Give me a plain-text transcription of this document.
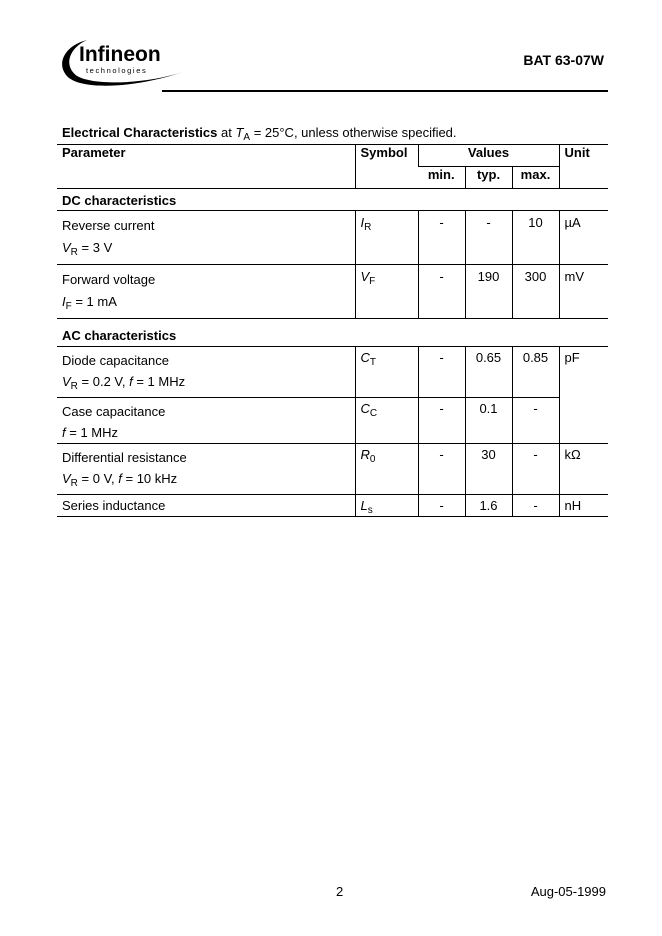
Infineon
technologies
BAT 63-07W
Electrical Characteristics at $T_A = 25^\circ C$, unless otherwise specified.
Parameter	Symbol	Values			Unit
		min.	typ.	max.	
DC characteristics					
Reverse current
$V_R = 3$ V	$I_R$	-	-	10	µA
Forward voltage
$I_F = 1$ mA	$V_F$	-	190	300	mV
AC characteristics					
Diode capacitance
$V_R = 0.2$ V, f = 1 MHz	$C_T$	-	0.65	0.85	pF
Case capacitance
f = 1 MHz	$C_C$	-	0.1	-	
Differential resistance
$V_R = 0$ V, f = 10 kHz	$R_0$	-	30	-	kΩ
Series inductance	$L_s$	-	1.6	-	nH
2	Aug-05-1999
